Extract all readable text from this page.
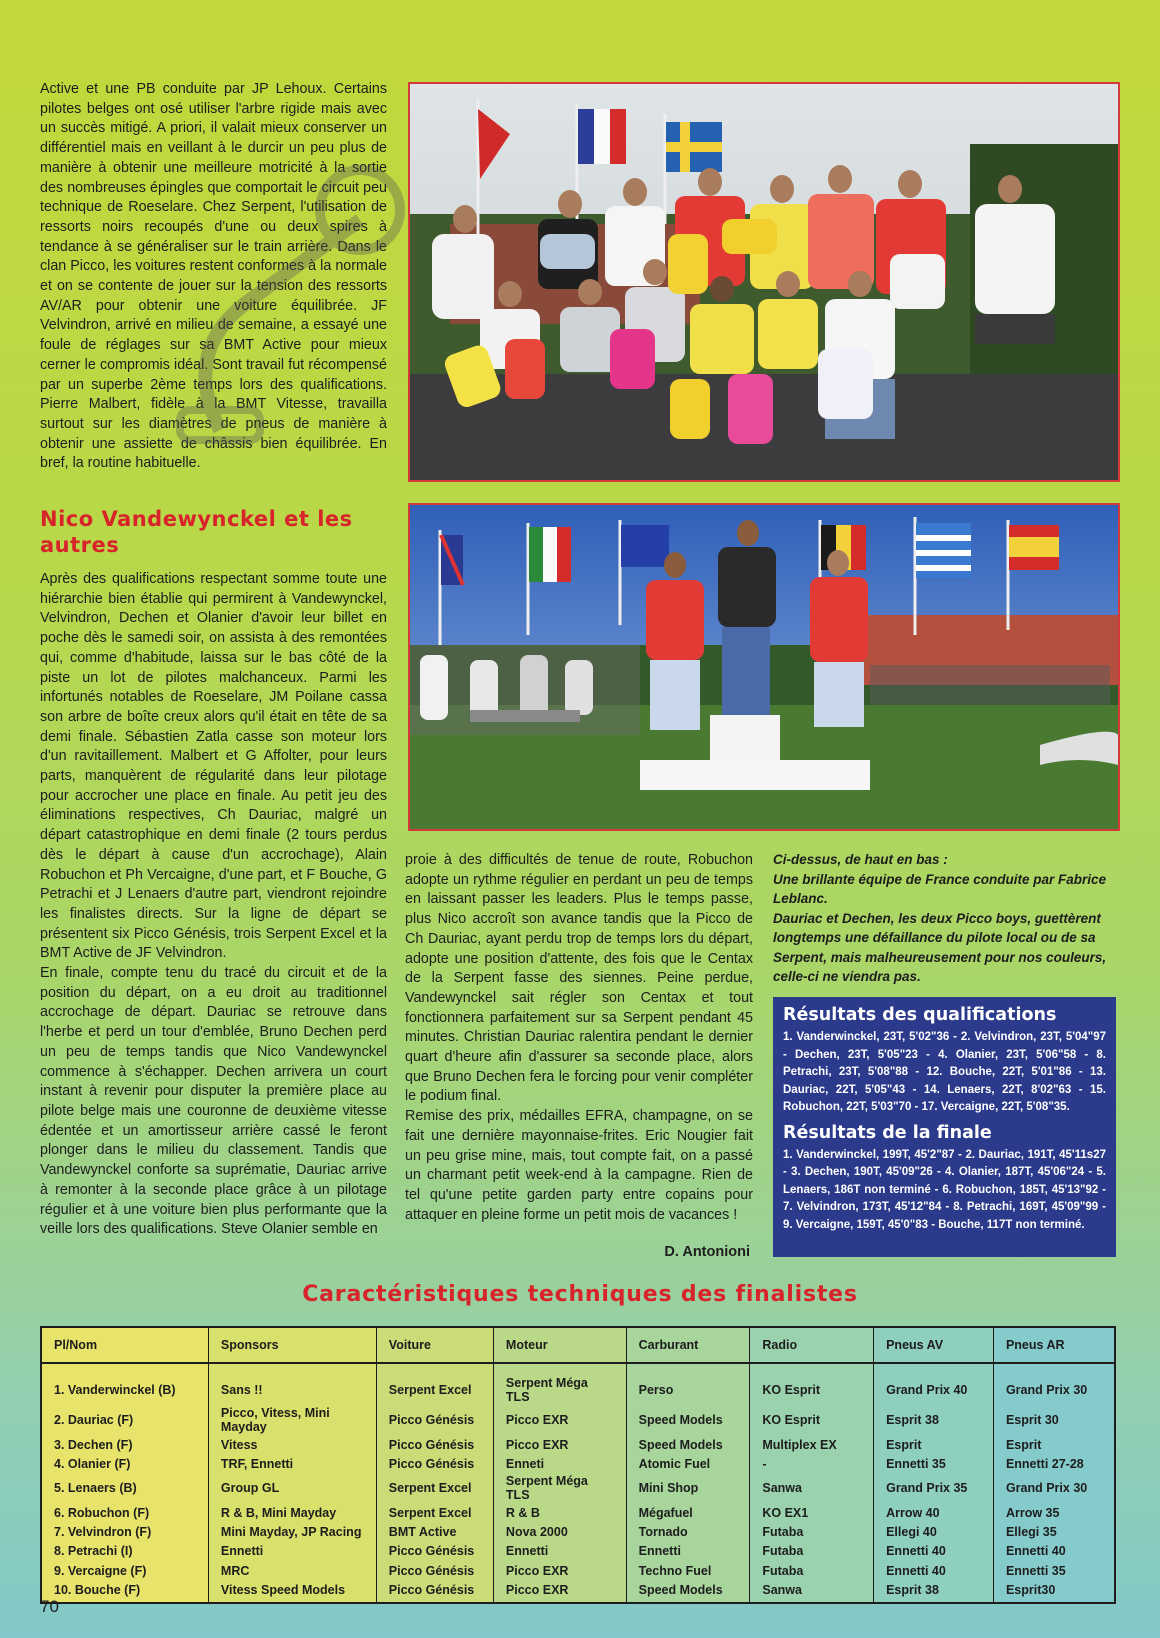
Active et une PB conduite par JP Lehoux. Certains pilotes belges ont osé utiliser l'arbre rigide mais avec un succès mitigé. A priori, il valait mieux conserver un différentiel mais en veillant à le durcir un peu plus de manière à obtenir une meilleure motricité à la sortie des nombreuses épingles que comportait le circuit peu technique de Roeselare. Chez Serpent, l'utilisation de ressorts noirs recoupés d'une ou deux spires à tendance à se généraliser sur le train arrière. Dans le clan Picco, les voitures restent conformes à la normale et on se contente de jouer sur la tension des ressorts AV/AR pour obtenir une voiture équilibrée. JF Velvindron, arrivé en milieu de semaine, a essayé une foule de réglages sur sa BMT Active pour mieux cerner le compromis idéal. Sont travail fut récompensé par un superbe 2ème temps lors des qualifications. Pierre Malbert, fidèle à la BMT Vitesse, travailla surtout sur les diamètres de pneus de manière à obtenir une assiette de châssis bien équilibrée. En bref, la routine habituelle.

Nico Vandewynckel et les autres

Après des qualifications respectant somme toute une hiérarchie bien établie qui permirent à Vandewynckel, Velvindron, Dechen et Olanier d'avoir leur billet en poche dès le samedi soir, on assista à des remontées qui, comme d'habitude, laissa sur le bas côté de la piste un lot de pilotes malchanceux. Parmi les infortunés notables de Roeselare, JM Poilane cassa son arbre de boîte creux alors qu'il était en tête de sa demi finale. Sébastien Zatla casse son moteur lors d'un ravitaillement. Malbert et G Affolter, pour leurs parts, manquèrent de régularité dans leur pilotage pour accrocher une place en finale. Au petit jeu des éliminations respectives, Ch Dauriac, malgré un départ catastrophique en demi finale (2 tours perdus dès le départ à cause d'un accrochage), Alain Robuchon et Ph Vercaigne, d'une part, et F Bouche, G Petrachi et J Lenaers d'autre part, viendront rejoindre les finalistes directs. Sur la ligne de départ se présentent six Picco Génésis, trois Serpent Excel et la BMT Active de JF Velvindron.

En finale, compte tenu du tracé du circuit et de la position du départ, on a eu droit au traditionnel accrochage de départ. Dauriac se retrouve dans l'herbe et perd un tour d'emblée, Bruno Dechen perd un peu de temps tandis que Nico Vandewynckel commence à s'échapper. Dechen arrivera un court instant à revenir pour disputer la première place au pilote belge mais une couronne de deuxième vitesse édentée et un amortisseur arrière cassé le feront plonger dans le milieu du classement. Tandis que Vandewynckel conforte sa suprématie, Dauriac arrive à remonter à la seconde place grâce à un pilotage régulier et à une voiture bien plus performante que la veille lors des qualifications. Steve Olanier semble en

proie à des difficultés de tenue de route, Robuchon adopte un rythme régulier en perdant un peu de temps en laissant passer les leaders. Plus le temps passe, plus Nico accroît son avance tandis que la Picco de Ch Dauriac, ayant perdu trop de temps lors du départ, adopte une position d'attente, des fois que le Centax de la Serpent fasse des siennes. Peine perdue, Vandewynckel sait régler son Centax et tout fonctionnera parfaitement sur sa Serpent pendant 45 minutes. Christian Dauriac ralentira pendant le dernier quart d'heure afin d'assurer sa seconde place, alors que Bruno Dechen fera le forcing pour venir compléter le podium final.

Remise des prix, médailles EFRA, champagne, on se fait une dernière mayonnaise-frites. Eric Nougier fait un peu grise mine, mais, tout compte fait, on a passé un charmant petit week-end à la campagne. Rien de tel qu'une petite garden party entre copains pour attaquer en pleine forme un petit mois de vacances !

D. Antonioni

Ci-dessus, de haut en bas :

Une brillante équipe de France conduite par Fabrice Leblanc.

Dauriac et Dechen, les deux Picco boys, guettèrent longtemps une défaillance du pilote local ou de sa Serpent, mais malheureusement pour nos couleurs, celle-ci ne viendra pas.

Résultats des qualifications
1. Vanderwinckel, 23T, 5'02"36 - 2. Velvindron, 23T, 5'04"97 - Dechen, 23T, 5'05"23 - 4. Olanier, 23T, 5'06"58 - 8. Petrachi, 23T, 5'08"88 - 12. Bouche, 22T, 5'01"86 - 13. Dauriac, 22T, 5'05"43 - 14. Lenaers, 22T, 8'02"63 - 15. Robuchon, 22T, 5'03"70 - 17. Vercaigne, 22T, 5'08"35.
Résultats de la finale
1. Vanderwinckel, 199T, 45'2"87 - 2. Dauriac, 191T, 45'11s27 - 3. Dechen, 190T, 45'09"26 - 4. Olanier, 187T, 45'06"24 - 5. Lenaers, 186T non terminé - 6. Robuchon, 185T, 45'13"92 - 7. Velvindron, 173T, 45'12"84 - 8. Petrachi, 169T, 45'09"99 - 9. Vercaigne, 159T, 45'0"83 - Bouche, 117T non terminé.
Caractéristiques techniques des finalistes
Pl/Nom	Sponsors	Voiture	Moteur	Carburant	Radio	Pneus AV	Pneus AR
1. Vanderwinckel (B)	Sans !!	Serpent Excel	Serpent Méga TLS	Perso	KO Esprit	Grand Prix 40	Grand Prix 30
2. Dauriac (F)	Picco, Vitess, Mini Mayday	Picco Génésis	Picco EXR	Speed Models	KO Esprit	Esprit 38	Esprit 30
3. Dechen (F)	Vitess	Picco Génésis	Picco EXR	Speed Models	Multiplex EX	Esprit	Esprit
4. Olanier (F)	TRF, Ennetti	Picco Génésis	Enneti	Atomic Fuel	-	Ennetti 35	Ennetti 27-28
5. Lenaers (B)	Group GL	Serpent Excel	Serpent Méga TLS	Mini Shop	Sanwa	Grand Prix 35	Grand Prix 30
6. Robuchon (F)	R & B, Mini Mayday	Serpent Excel	R & B	Mégafuel	KO EX1	Arrow 40	Arrow 35
7. Velvindron (F)	Mini Mayday, JP Racing	BMT Active	Nova 2000	Tornado	Futaba	Ellegi 40	Ellegi 35
8. Petrachi (I)	Ennetti	Picco Génésis	Ennetti	Ennetti	Futaba	Ennetti 40	Ennetti 40
9. Vercaigne (F)	MRC	Picco Génésis	Picco EXR	Techno Fuel	Futaba	Ennetti 40	Ennetti 35
10. Bouche (F)	Vitess Speed Models	Picco Génésis	Picco EXR	Speed Models	Sanwa	Esprit 38	Esprit30
70
